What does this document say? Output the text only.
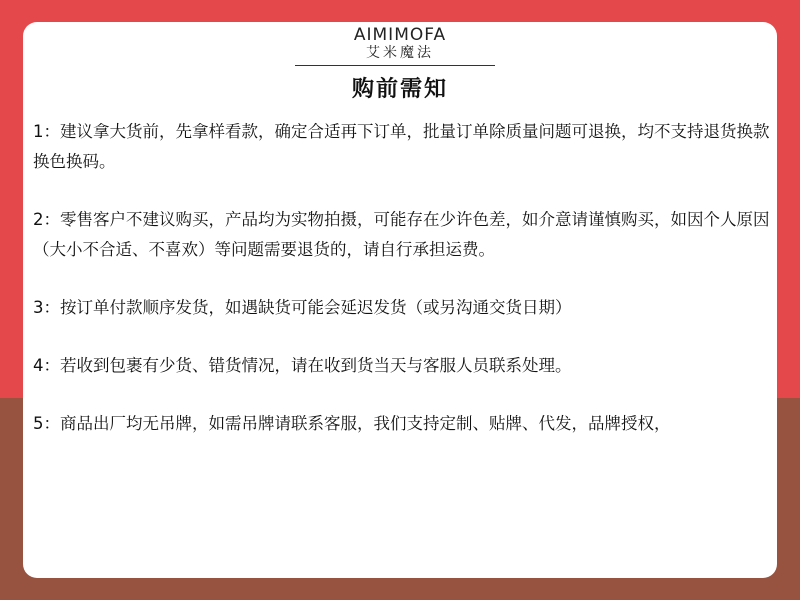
AIMIMOFA
艾米魔法
购前需知
1：建议拿大货前，先拿样看款，确定合适再下订单，批量订单除质量问题可退换，均不支持退货换款换色换码。
2：零售客户不建议购买，产品均为实物拍摄，可能存在少许色差，如介意请谨慎购买，如因个人原因（大小不合适、不喜欢）等问题需要退货的，请自行承担运费。
3：按订单付款顺序发货，如遇缺货可能会延迟发货（或另沟通交货日期）
4：若收到包裹有少货、错货情况，请在收到货当天与客服人员联系处理。
5：商品出厂均无吊牌，如需吊牌请联系客服，我们支持定制、贴牌、代发，品牌授权，
